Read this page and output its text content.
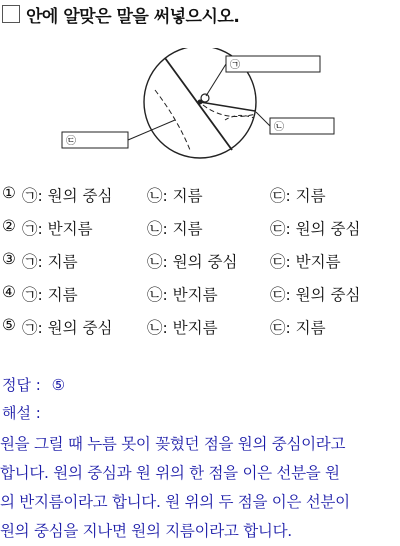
안에 알맞은 말을 써넣으시오.
㉠
㉡
㉢
① ㉠: 원의 중심 ㉡: 지름	㉢: 지름
② ㉠: 반지름	㉡: 지름	㉢: 원의 중심
③ ㉠: 지름	㉡: 원의 중심 ㉢: 반지름
④ ㉠: 지름	㉡: 반지름	㉢: 원의 중심
⑤ ㉠: 원의 중심 ㉡: 반지름	㉢: 지름
정답 : ⑤
해설 :
원을 그릴 때 누름 못이 꽂혔던 점을 원의 중심이라고
합니다. 원의 중심과 원 위의 한 점을 이은 선분을 원
의 반지름이라고 합니다. 원 위의 두 점을 이은 선분이
원의 중심을 지나면 원의 지름이라고 합니다.
